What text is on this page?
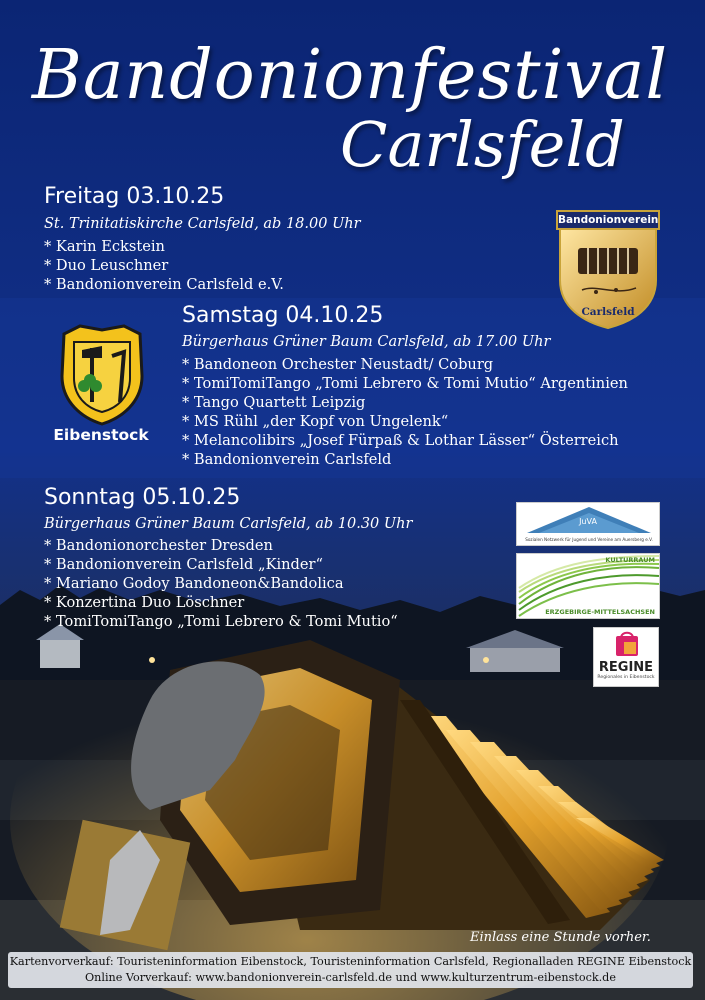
Bandonionfestival
Carlsfeld
Freitag 03.10.25
St. Trinitatiskirche Carlsfeld, ab 18.00 Uhr
* Karin Eckstein
* Duo Leuschner
* Bandonionverein Carlsfeld e.V.
Bandonionverein
Carlsfeld
Eibenstock
Samstag 04.10.25
Bürgerhaus Grüner Baum Carlsfeld, ab 17.00 Uhr
* Bandoneon Orchester Neustadt/ Coburg
* TomiTomiTango „Tomi Lebrero & Tomi Mutio“ Argentinien
* Tango Quartett Leipzig
* MS Rühl „der Kopf von Ungelenk“
* Melancolibirs „Josef Fürpaß & Lothar Lässer“ Österreich
* Bandonionverein Carlsfeld
Sonntag 05.10.25
Bürgerhaus Grüner Baum Carlsfeld, ab 10.30 Uhr
* Bandonionorchester Dresden
* Bandonionverein Carlsfeld „Kinder“
* Mariano Godoy Bandoneon&Bandolica
* Konzertina Duo Löschner
* TomiTomiTango „Tomi Lebrero & Tomi Mutio“
JuVA
Sozialen Netzwerk für Jugend und Vereine am Auersberg e.V.
KULTURRAUM
ERZGEBIRGE-MITTELSACHSEN
REGINE
Regionales in Eibenstock
Einlass eine Stunde vorher.
Kartenvorverkauf: Touristeninformation Eibenstock, Touristeninformation Carlsfeld, Regionalladen REGINE Eibenstock
Online Vorverkauf: www.bandonionverein-carlsfeld.de und www.kulturzentrum-eibenstock.de
